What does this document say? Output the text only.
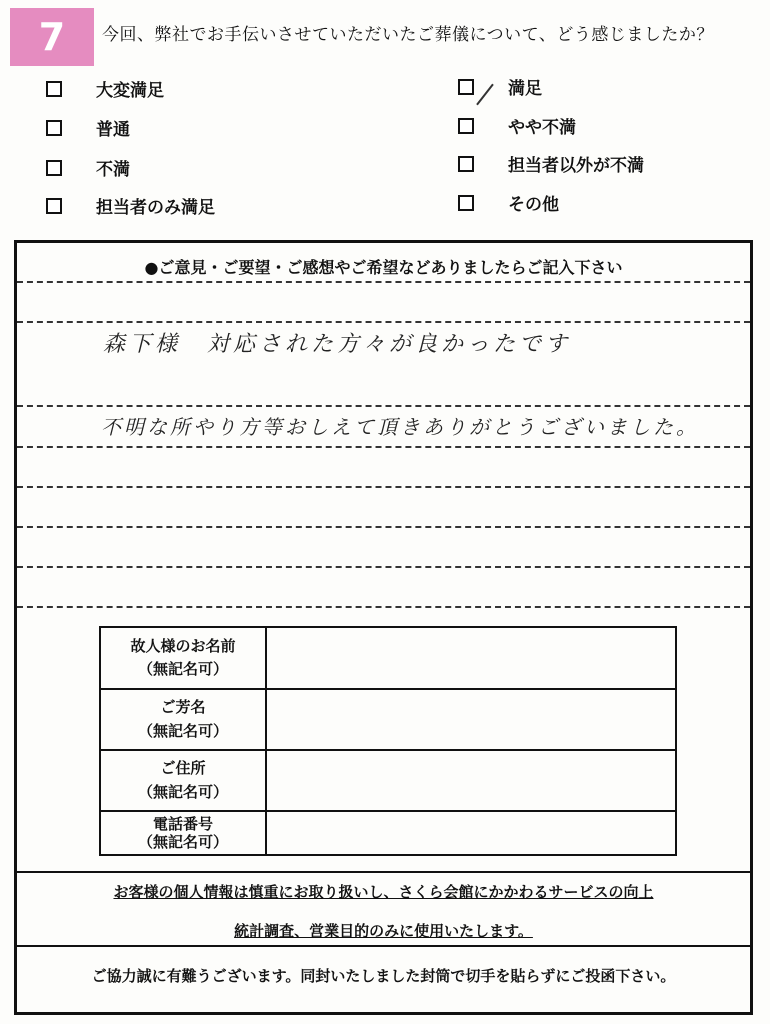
7	今回、弊社でお手伝いさせていただいたご葬儀について、どう感じましたか？
大変満足
普通
不満
担当者のみ満足
満足
やや不満
担当者以外が不満
その他
●ご意見・ご要望・ご感想やご希望などありましたらご記入下さい
森下様　対応された方々が良かったです
不明な所やり方等おしえて頂きありがとうございました。
故人様のお名前
（無記名可）	

ご芳名
（無記名可）	

ご住所
（無記名可）	

電話番号
（無記名可）	

お客様の個人情報は慎重にお取り扱いし、さくら会館にかかわるサービスの向上

統計調査、営業目的のみに使用いたします。

ご協力誠に有難うございます。同封いたしました封筒で切手を貼らずにご投函下さい。
